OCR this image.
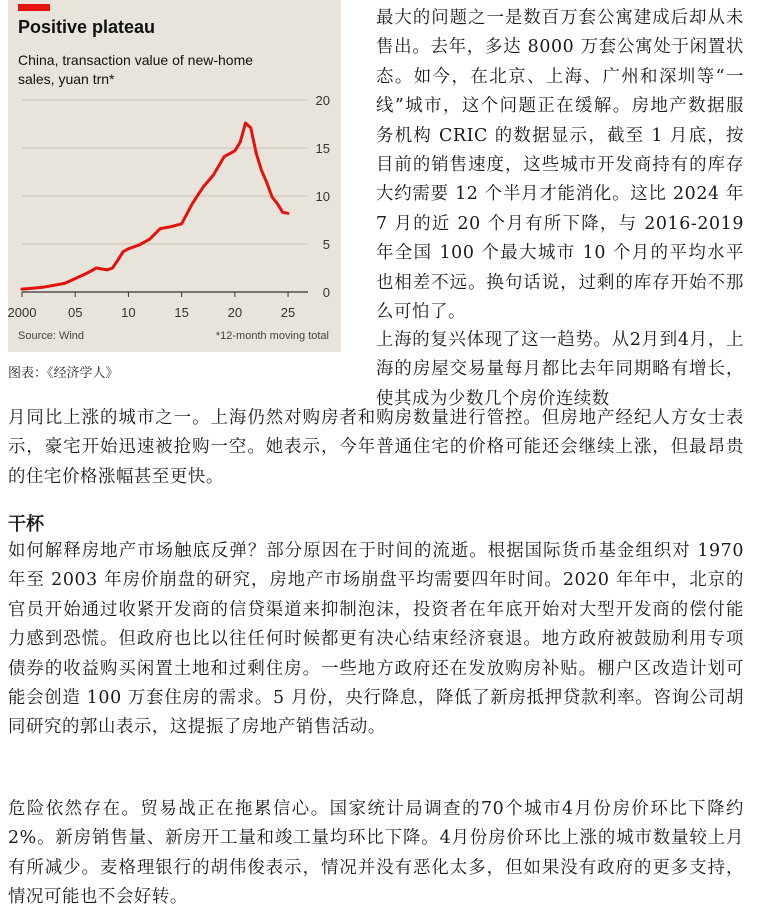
Positive plateau
China, transaction value of new-home sales, yuan trn*
0
5
10
15
20
2000 05	10	15	20	25
Source: Wind	*12-month moving total
图表：《经济学人》
最大的问题之一是数百万套公寓建成后却从未售出。去年，多达 8000 万套公寓处于闲置状态。如今，在北京、上海、广州和深圳等“一线”城市，这个问题正在缓解。房地产数据服务机构 CRIC 的数据显示，截至 1 月底，按目前的销售速度，这些城市开发商持有的库存大约需要 12 个半月才能消化。这比 2024 年 7 月的近 20 个月有所下降，与 2016-2019 年全国 100 个最大城市 10 个月的平均水平也相差不远。换句话说，过剩的库存开始不那么可怕了。
上海的复兴体现了这一趋势。从2月到4月，上海的房屋交易量每月都比去年同期略有增长，使其成为少数几个房价连续数
月同比上涨的城市之一。上海仍然对购房者和购房数量进行管控。但房地产经纪人方女士表示，豪宅开始迅速被抢购一空。她表示，今年普通住宅的价格可能还会继续上涨，但最昂贵的住宅价格涨幅甚至更快。
干杯
如何解释房地产市场触底反弹？部分原因在于时间的流逝。根据国际货币基金组织对 1970 年至 2003 年房价崩盘的研究，房地产市场崩盘平均需要四年时间。2020 年年中，北京的官员开始通过收紧开发商的信贷渠道来抑制泡沫，投资者在年底开始对大型开发商的偿付能力感到恐慌。但政府也比以往任何时候都更有决心结束经济衰退。地方政府被鼓励利用专项债券的收益购买闲置土地和过剩住房。一些地方政府还在发放购房补贴。棚户区改造计划可能会创造 100 万套住房的需求。5 月份，央行降息，降低了新房抵押贷款利率。咨询公司胡同研究的郭山表示，这提振了房地产销售活动。
危险依然存在。贸易战正在拖累信心。国家统计局调查的70个城市4月份房价环比下降约2%。新房销售量、新房开工量和竣工量均环比下降。4月份房价环比上涨的城市数量较上月有所减少。麦格理银行的胡伟俊表示，情况并没有恶化太多，但如果没有政府的更多支持，情况可能也不会好转。
